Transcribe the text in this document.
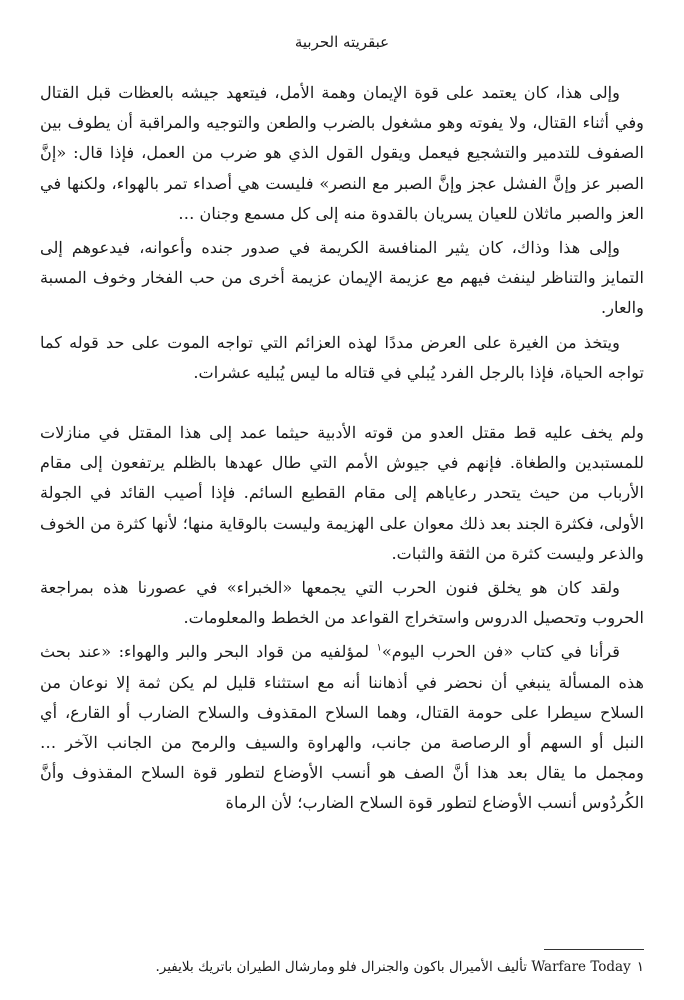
عبقريته الحربية

وإلى هذا، كان يعتمد على قوة الإيمان وهمة الأمل، فيتعهد جيشه بالعظات قبل القتال وفي أثناء القتال، ولا يفوته وهو مشغول بالضرب والطعن والتوجيه والمراقبة أن يطوف بين الصفوف للتدمير والتشجيع فيعمل ويقول القول الذي هو ضرب من العمل، فإذا قال: «إنَّ الصبر عز وإنَّ الفشل عجز وإنَّ الصبر مع النصر» فليست هي أصداء تمر بالهواء، ولكنها في العز والصبر ماثلان للعيان يسريان بالقدوة منه إلى كل مسمع وجنان …

وإلى هذا وذاك، كان يثير المنافسة الكريمة في صدور جنده وأعوانه، فيدعوهم إلى التمايز والتناظر لينفث فيهم مع عزيمة الإيمان عزيمة أخرى من حب الفخار وخوف المسبة والعار.

ويتخذ من الغيرة على العرض مددًا لهذه العزائم التي تواجه الموت على حد قوله كما تواجه الحياة، فإذا بالرجل الفرد يُبلي في قتاله ما ليس يُبليه عشرات.

ولم يخف عليه قط مقتل العدو من قوته الأدبية حيثما عمد إلى هذا المقتل في منازلات للمستبدين والطغاة. فإنهم في جيوش الأمم التي طال عهدها بالظلم يرتفعون إلى مقام الأرباب من حيث يتحدر رعاياهم إلى مقام القطيع السائم. فإذا أصيب القائد في الجولة الأولى، فكثرة الجند بعد ذلك معوان على الهزيمة وليست بالوقاية منها؛ لأنها كثرة من الخوف والذعر وليست كثرة من الثقة والثبات.

ولقد كان هو يخلق فنون الحرب التي يجمعها «الخبراء» في عصورنا هذه بمراجعة الحروب وتحصيل الدروس واستخراج القواعد من الخطط والمعلومات.

قرأنا في كتاب «فن الحرب اليوم»$^١$ لمؤلفيه من قواد البحر والبر والهواء: «عند بحث هذه المسألة ينبغي أن نحضر في أذهاننا أنه مع استثناء قليل لم يكن ثمة إلا نوعان من السلاح سيطرا على حومة القتال، وهما السلاح المقذوف والسلاح الضارب أو القارع، أي النبل أو السهم أو الرصاصة من جانب، والهراوة والسيف والرمح من الجانب الآخر … ومجمل ما يقال بعد هذا أنَّ الصف هو أنسب الأوضاع لتطور قوة السلاح المقذوف وأنَّ الكُردُوس أنسب الأوضاع لتطور قوة السلاح الضارب؛ لأن الرماة

١Warfare Today تأليف الأميرال باكون والجنرال فلو ومارشال الطيران باتريك بلايفير.
